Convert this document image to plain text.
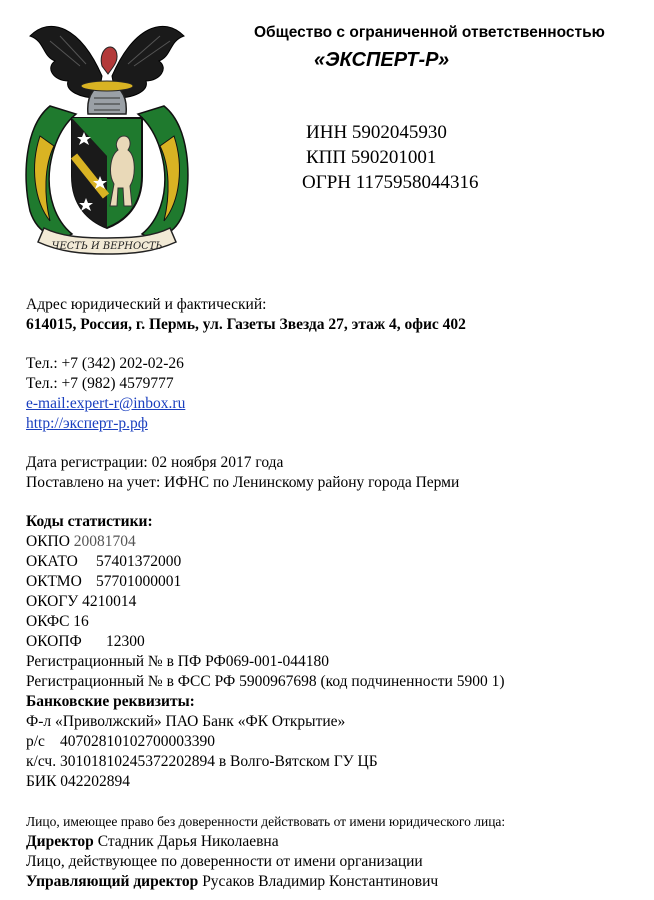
ЧЕСТЬ И ВЕРНОСТЬ
Общество с ограниченной ответственностью
«ЭКСПЕРТ-Р»
ИНН 5902045930
КПП 590201001
ОГРН 1175958044316
Адрес юридический и фактический:
614015, Россия, г. Пермь, ул. Газеты Звезда 27, этаж 4, офис 402
Тел.: +7 (342) 202-02-26
Тел.: +7 (982) 4579777
e-mail:expert-r@inbox.ru
http://эксперт-р.рф
Дата регистрации: 02 ноября 2017 года
Поставлено на учет: ИФНС по Ленинскому району города Перми
Коды статистики:
ОКПО 20081704
ОКАТО 57401372000
ОКТМО 57701000001
ОКОГУ 4210014
ОКФС 16
ОКОПФ 12300
Регистрационный № в ПФ РФ069-001-044180
Регистрационный № в ФСС РФ 5900967698 (код подчиненности 5900 1)
Банковские реквизиты:
Ф-л «Приволжский» ПАО Банк «ФК Открытие»
р/с 40702810102700003390
к/сч. 30101810245372202894 в Волго-Вятском ГУ ЦБ
БИК 042202894
Лицо, имеющее право без доверенности действовать от имени юридического лица:
Директор Стадник Дарья Николаевна
Лицо, действующее по доверенности от имени организации
Управляющий директор Русаков Владимир Константинович
